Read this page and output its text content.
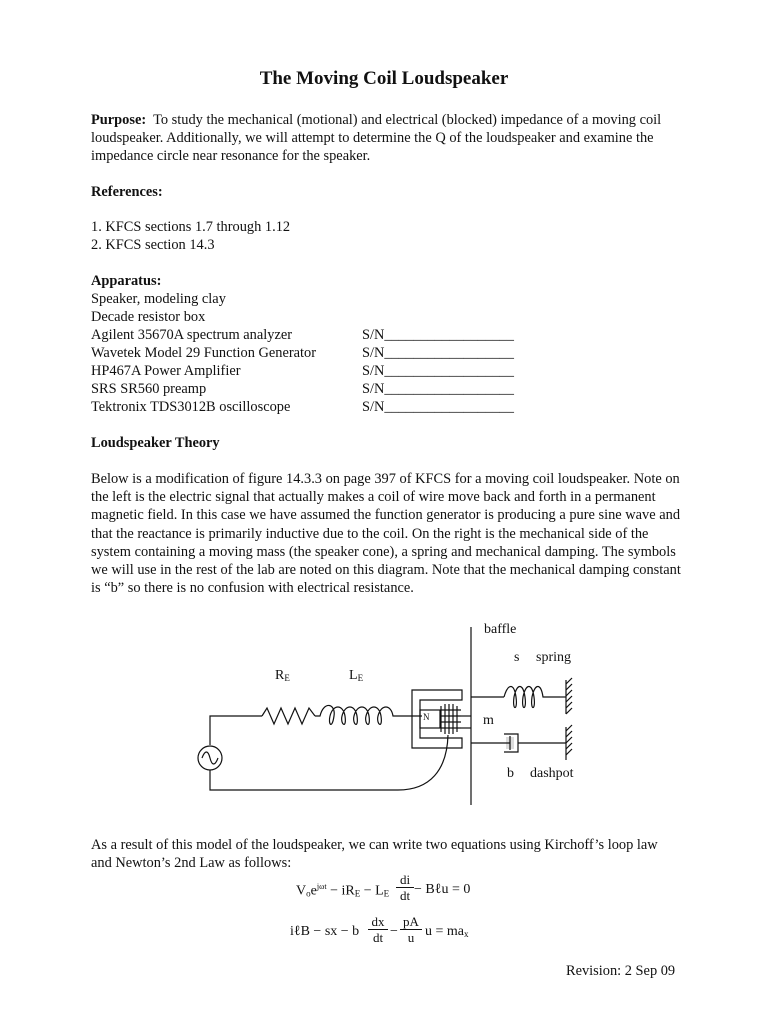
The Moving Coil Loudspeaker
Purpose: To study the mechanical (motional) and electrical (blocked) impedance of a moving coil loudspeaker. Additionally, we will attempt to determine the Q of the loudspeaker and examine the impedance circle near resonance for the speaker.
References:
1. KFCS sections 1.7 through 1.12
2. KFCS section 14.3
Apparatus:
Speaker, modeling clay
Decade resistor box
Agilent 35670A spectrum analyzer	S/N__________________
Wavetek Model 29 Function Generator	S/N__________________
HP467A Power Amplifier	S/N__________________
SRS SR560 preamp	S/N__________________
Tektronix TDS3012B oscilloscope	S/N__________________
Loudspeaker Theory
Below is a modification of figure 14.3.3 on page 397 of KFCS for a moving coil loudspeaker. Note on the left is the electric signal that actually makes a coil of wire move back and forth in a permanent magnetic field. In this case we have assumed the function generator is producing a pure sine wave and that the reactance is primarily inductive due to the coil. On the right is the mechanical side of the system containing a moving mass (the speaker cone), a spring and mechanical damping. The symbols we will use in the rest of the lab are noted on this diagram. Note that the mechanical damping constant is “b” so there is no confusion with electrical resistance.
baffle
s spring
$R_E$	$L_E$
N	m
b dashpot
As a result of this model of the loudspeaker, we can write two equations using Kirchoff’s loop law and Newton’s 2nd Law as follows:
$V_oe^{j\omega t} - iR_E - L_E \frac{di}{dt}$ − Bℓu = 0
iℓB − sx − b $\frac{dx}{dt} - \frac{pA}{u}$ $u = ma_x$
Revision: 2 Sep 09
